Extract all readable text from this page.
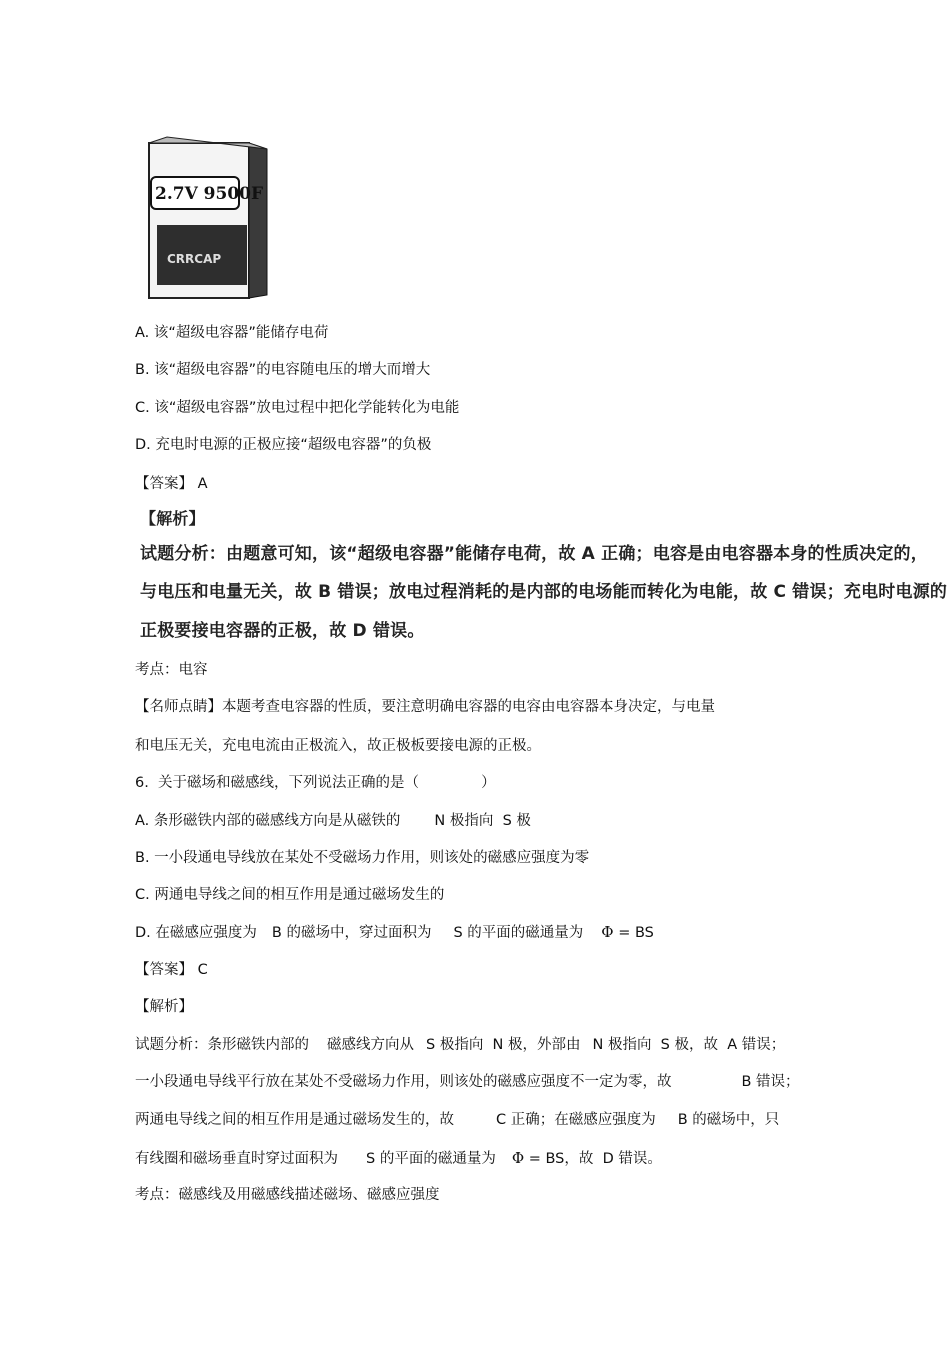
2.7V 9500F
CRRCAP
A. 该“超级电容器”能储存电荷
B. 该“超级电容器”的电容随电压的增大而增大
C. 该“超级电容器”放电过程中把化学能转化为电能
D. 充电时电源的正极应接“超级电容器”的负极
【答案】 A
【解析】
试题分析：由题意可知，该“超级电容器”能储存电荷，故 A 正确；电容是由电容器本身的性质决定的，
与电压和电量无关，故 B 错误；放电过程消耗的是内部的电场能而转化为电能，故 C 错误；充电时电源的
正极要接电容器的正极，故 D 错误。
考点：电容
【名师点睛】本题考查电容器的性质，要注意明确电容器的电容由电容器本身决定，与电量
和电压无关，充电电流由正极流入，故正极板要接电源的正极。
6.  关于磁场和磁感线，下列说法正确的是（	）
A. 条形磁铁内部的磁感线方向是从磁铁的 N 极指向  S 极
B. 一小段通电导线放在某处不受磁场力作用，则该处的磁感应强度为零
C. 两通电导线之间的相互作用是通过磁场发生的
D. 在磁感应强度为 B 的磁场中，穿过面积为 S 的平面的磁通量为 Φ = BS
【答案】 C
【解析】
试题分析：条形磁铁内部的 磁感线方向从 S 极指向  N 极，外部由 N 极指向  S 极，故  A 错误；
一小段通电导线平行放在某处不受磁场力作用，则该处的磁感应强度不一定为零，故	B 错误；
两通电导线之间的相互作用是通过磁场发生的，故	C 正确；在磁感应强度为 B 的磁场中，只
有线圈和磁场垂直时穿过面积为 S 的平面的磁通量为 Φ = BS，故  D 错误。
考点：磁感线及用磁感线描述磁场、磁感应强度
